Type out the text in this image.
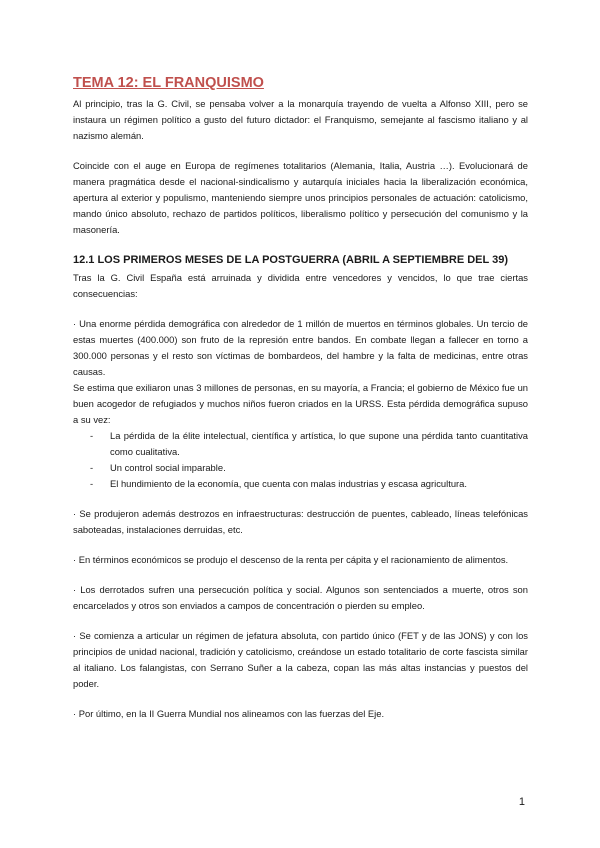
TEMA 12: EL FRANQUISMO

Al principio, tras la G. Civil, se pensaba volver a la monarquía trayendo de vuelta a Alfonso XIII, pero se instaura un régimen político a gusto del futuro dictador: el Franquismo, semejante al fascismo italiano y al nazismo alemán.

Coincide con el auge en Europa de regímenes totalitarios (Alemania, Italia, Austria …). Evolucionará de manera pragmática desde el nacional-sindicalismo y autarquía iniciales hacia la liberalización económica, apertura al exterior y populismo, manteniendo siempre unos principios personales de actuación: catolicismo, mando único absoluto, rechazo de partidos políticos, liberalismo político y persecución del comunismo y la masonería.

12.1 LOS PRIMEROS MESES DE LA POSTGUERRA (ABRIL A SEPTIEMBRE DEL 39)

Tras la G. Civil España está arruinada y dividida entre vencedores y vencidos, lo que trae ciertas consecuencias:

· Una enorme pérdida demográfica con alrededor de 1 millón de muertos en términos globales. Un tercio de estas muertes (400.000) son fruto de la represión entre bandos. En combate llegan a fallecer en torno a 300.000 personas y el resto son víctimas de bombardeos, del hambre y la falta de medicinas, entre otras causas.

Se estima que exiliaron unas 3 millones de personas, en su mayoría, a Francia; el gobierno de México fue un buen acogedor de refugiados y muchos niños fueron criados en la URSS. Esta pérdida demográfica supuso a su vez:

- La pérdida de la élite intelectual, científica y artística, lo que supone una pérdida tanto cuantitativa como cualitativa.
- Un control social imparable.
- El hundimiento de la economía, que cuenta con malas industrias y escasa agricultura.

· Se produjeron además destrozos en infraestructuras: destrucción de puentes, cableado, líneas telefónicas saboteadas, instalaciones derruidas, etc.

· En términos económicos se produjo el descenso de la renta per cápita y el racionamiento de alimentos.

· Los derrotados sufren una persecución política y social. Algunos son sentenciados a muerte, otros son encarcelados y otros son enviados a campos de concentración o pierden su empleo.

· Se comienza a articular un régimen de jefatura absoluta, con partido único (FET y de las JONS) y con los principios de unidad nacional, tradición y catolicismo, creándose un estado totalitario de corte fascista similar al italiano. Los falangistas, con Serrano Suñer a la cabeza, copan las más altas instancias y puestos del poder.

· Por último, en la II Guerra Mundial nos alineamos con las fuerzas del Eje.

1
